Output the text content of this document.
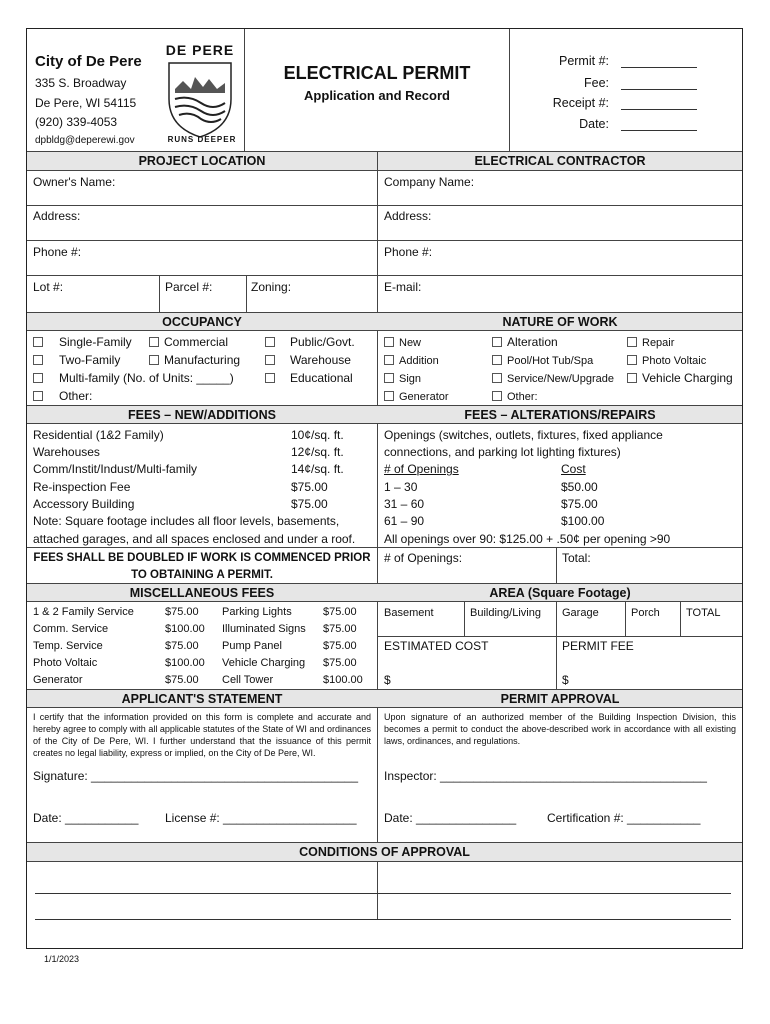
City of De Pere
335 S. Broadway
De Pere, WI 54115
(920) 339-4053
dpbldg@deperewi.gov
DE PERE
RUNS DEEPER
ELECTRICAL PERMIT
Application and Record
Permit #:
Fee:
Receipt #:
Date:
PROJECT LOCATION	ELECTRICAL CONTRACTOR
Owner's Name:	Company Name:
Address:	Address:
Phone #:	Phone #:
Lot #:	Parcel #:	Zoning:	E-mail:
OCCUPANCY	NATURE OF WORK
Single-Family
Two-Family
Multi-family (No. of Units: _____)
Other:
Commercial
Manufacturing
Public/Govt.
Warehouse
Educational
New
Addition
Sign
Generator
Alteration
Pool/Hot Tub/Spa
Service/New/Upgrade
Other:
Repair
Photo Voltaic
Vehicle Charging
FEES – NEW/ADDITIONS	FEES – ALTERATIONS/REPAIRS
Residential (1&2 Family)	10¢/sq. ft.
Warehouses	12¢/sq. ft.
Comm/Instit/Indust/Multi-family	14¢/sq. ft.
Re-inspection Fee	$75.00
Accessory Building	$75.00
Note: Square footage includes all floor levels, basements,
attached garages, and all spaces enclosed and under a roof.
Openings (switches, outlets, fixtures, fixed appliance
connections, and parking lot lighting fixtures)
# of Openings	Cost
1 – 30	$50.00
31 – 60	$75.00
61 – 90	$100.00
All openings over 90: $125.00 + .50¢ per opening >90
FEES SHALL BE DOUBLED IF WORK IS COMMENCED PRIOR
TO OBTAINING A PERMIT.
# of Openings:	Total:
MISCELLANEOUS FEES	AREA (Square Footage)
1 & 2 Family Service	$75.00 Parking Lights	$75.00
Comm. Service	$100.00 Illuminated Signs $75.00
Temp. Service	$75.00 Pump Panel	$75.00
Photo Voltaic	$100.00 Vehicle Charging $75.00
Generator	$75.00 Cell Tower	$100.00
Basement	Building/Living Garage	Porch TOTAL
ESTIMATED COST	PERMIT FEE
$	$
APPLICANT'S STATEMENT	PERMIT APPROVAL
I certify that the information provided on this form is complete and accurate and hereby agree to comply with all applicable statutes of the State of WI and ordinances of the City of De Pere, WI. I further understand that the issuance of this permit creates no legal liability, express or implied, on the City of De Pere, WI.
Upon signature of an authorized member of the Building Inspection Division, this becomes a permit to conduct the above-described work in accordance with all existing laws, ordinances, and regulations.
Signature: ________________________________________ Inspector: ________________________________________
Date: ___________ License #: ____________________ Date: _______________	Certification #: ___________
CONDITIONS OF APPROVAL
1/1/2023
